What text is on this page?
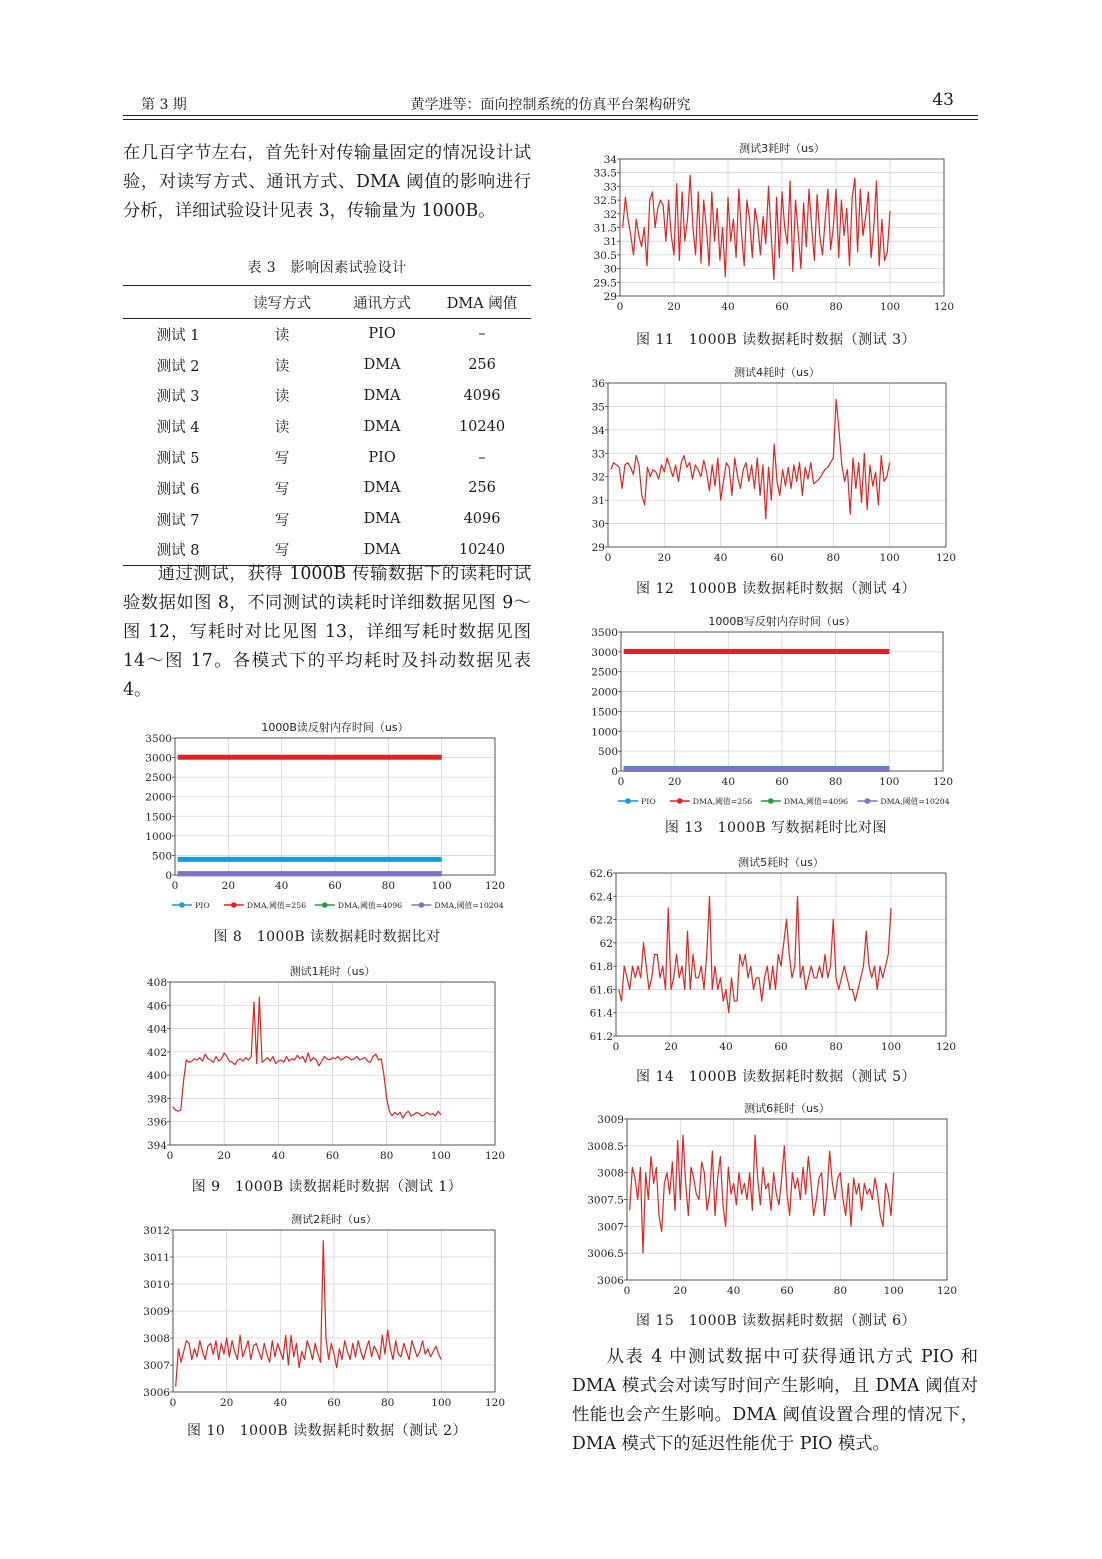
第 3 期	黄学进等：面向控制系统的仿真平台架构研究	43

在几百字节左右，首先针对传输量固定的情况设计试验，对读写方式、通讯方式、DMA 阈值的影响进行分析，详细试验设计见表 3，传输量为 1000B。

表 3　影响因素试验设计
	读写方式	通讯方式	DMA 阈值
测试 1	读	PIO	–
测试 2	读	DMA	256
测试 3	读	DMA	4096
测试 4	读	DMA	10240
测试 5	写	PIO	–
测试 6	写	DMA	256
测试 7	写	DMA	4096
测试 8	写	DMA	10240

通过测试，获得 1000B 传输数据下的读耗时试验数据如图 8，不同测试的读耗时详细数据见图 9～图 12，写耗时对比见图 13，详细写耗时数据见图 14～图 17。各模式下的平均耗时及抖动数据见表 4。

1000B读反射内存时间（us）
0
500
1000
1500
2000
2500
3000
3500
0	20	40	60	80	100	120
PIO	DMA,阈值=256	DMA,阈值=4096	DMA,阈值=10204
图 8　1000B 读数据耗时数据比对
测试1耗时（us）
394
396
398
400
402
404
406
408
0	20	40	60	80	100	120
图 9　1000B 读数据耗时数据（测试 1）
测试2耗时（us）
3006
3007
3008
3009
3010
3011
3012
0	20	40	60	80	100	120
图 10　1000B 读数据耗时数据（测试 2）
测试3耗时（us）
29
29.5
30
30.5
31
31.5
32
32.5
33
33.5
34
0	20	40	60	80	100	120
图 11　1000B 读数据耗时数据（测试 3）
测试4耗时（us）
29
30
31
32
33
34
35
36
0	20	40	60	80	100	120
图 12　1000B 读数据耗时数据（测试 4）
1000B写反射内存时间（us）
0
500
1000
1500
2000
2500
3000
3500
0	20	40	60	80	100	120
PIO	DMA,阈值=256	DMA,阈值=4096	DMA,阈值=10204
图 13　1000B 写数据耗时比对图
测试5耗时（us）
61.2
61.4
61.6
61.8
62
62.2
62.4
62.6
0	20	40	60	80	100	120
图 14　1000B 读数据耗时数据（测试 5）
测试6耗时（us）
3006
3006.5
3007
3007.5
3008
3008.5
3009
0	20	40	60	80	100	120
图 15　1000B 读数据耗时数据（测试 6）

从表 4 中测试数据中可获得通讯方式 PIO 和 DMA 模式会对读写时间产生影响，且 DMA 阈值对性能也会产生影响。DMA 阈值设置合理的情况下，DMA 模式下的延迟性能优于 PIO 模式。
